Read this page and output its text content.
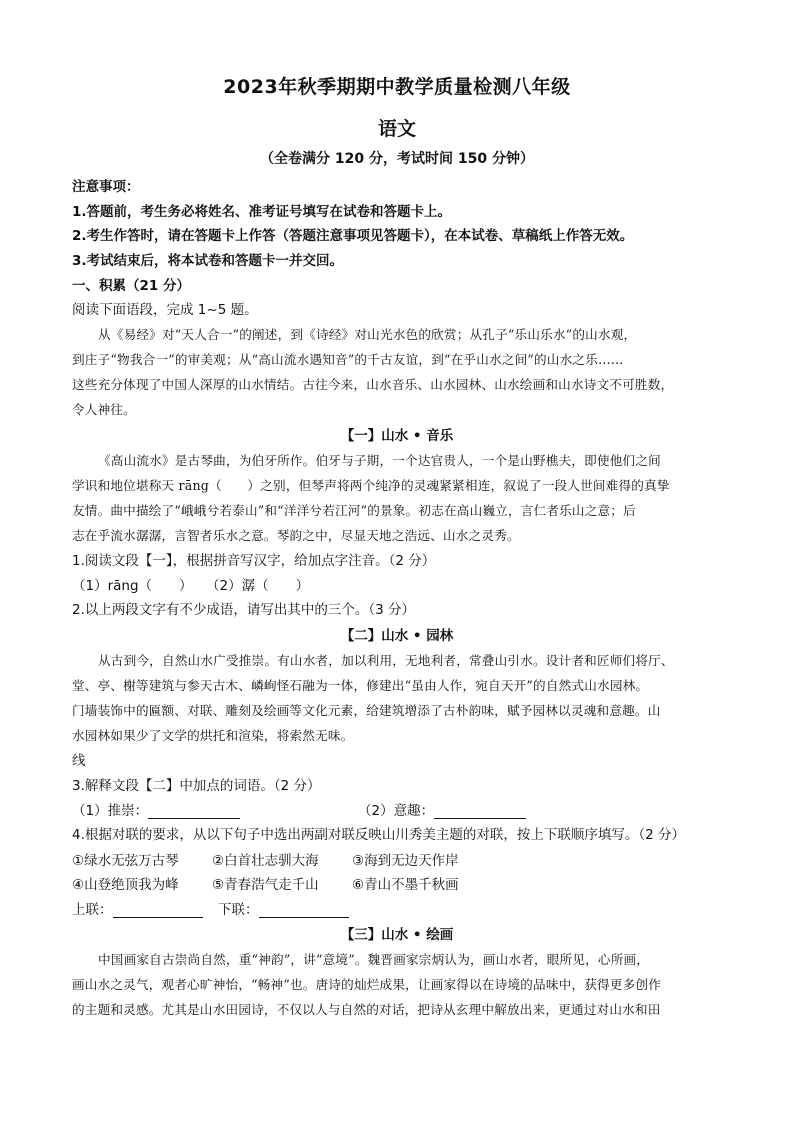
2023年秋季期期中教学质量检测八年级
语文
（全卷满分 120 分，考试时间 150 分钟）
注意事项：
1.答题前，考生务必将姓名、准考证号填写在试卷和答题卡上。
2.考生作答时，请在答题卡上作答（答题注意事项见答题卡），在本试卷、草稿纸上作答无效。
3.考试结束后，将本试卷和答题卡一并交回。
一、积累（21 分）
阅读下面语段，完成 1~5 题。
从《易经》对“天人合一”的阐述，到《诗经》对山光水色的欣赏；从孔子“乐山乐水”的山水观，
到庄子“物我合一”的审美观；从“高山流水遇知音”的千古友谊，到“在乎山水之间”的山水之乐……
这些充分体现了中国人深厚的山水情结。古往今来，山水音乐、山水园林、山水绘画和山水诗文不可胜数，
令人神往。
【一】山水 • 音乐
《高山流水》是古琴曲，为伯牙所作。伯牙与子期，一个达官贵人，一个是山野樵夫，即使他们之间
学识和地位堪称天 rāng（　　）之别，但琴声将两个纯净的灵魂紧紧相连，叙说了一段人世间难得的真挚
友情。曲中描绘了“峨峨兮若泰山”和“洋洋兮若江河”的景象。初志在高山巍立，言仁者乐山之意；后
志在乎流水潺潺，言智者乐水之意。琴韵之中，尽显天地之浩远、山水之灵秀。
1.阅读文段【一】，根据拼音写汉字，给加点字注音。（2 分）
（1）rāng（　　）　　（2）潺（　　）
2.以上两段文字有不少成语，请写出其中的三个。（3 分）
【二】山水 • 园林
从古到今，自然山水广受推崇。有山水者，加以利用，无地利者，常叠山引水。设计者和匠师们将厅、
堂、亭、榭等建筑与参天古木、嶙峋怪石融为一体，修建出“虽由人作，宛自天开”的自然式山水园林。
门墙装饰中的匾额、对联、雕刻及绘画等文化元素，给建筑增添了古朴韵味，赋予园林以灵魂和意趣。山
水园林如果少了文学的烘托和渲染，将索然无味。
线
3.解释文段【二】中加点的词语。（2 分）
（1）推崇：	（2）意趣：
4.根据对联的要求，从以下句子中选出两副对联反映山川秀美主题的对联，按上下联顺序填写。（2 分）
①绿水无弦万古琴 ②白首壮志驯大海 ③海到无边天作岸
④山登绝顶我为峰 ⑤青春浩气走千山 ⑥青山不墨千秋画
上联：	下联：
【三】山水 • 绘画
中国画家自古崇尚自然，重“神韵”，讲“意境”。魏晋画家宗炳认为，画山水者，眼所见，心所画，
画山水之灵气，观者心旷神怡，“畅神”也。唐诗的灿烂成果，让画家得以在诗境的品味中，获得更多创作
的主题和灵感。尤其是山水田园诗，不仅以人与自然的对话，把诗从玄理中解放出来，更通过对山水和田
